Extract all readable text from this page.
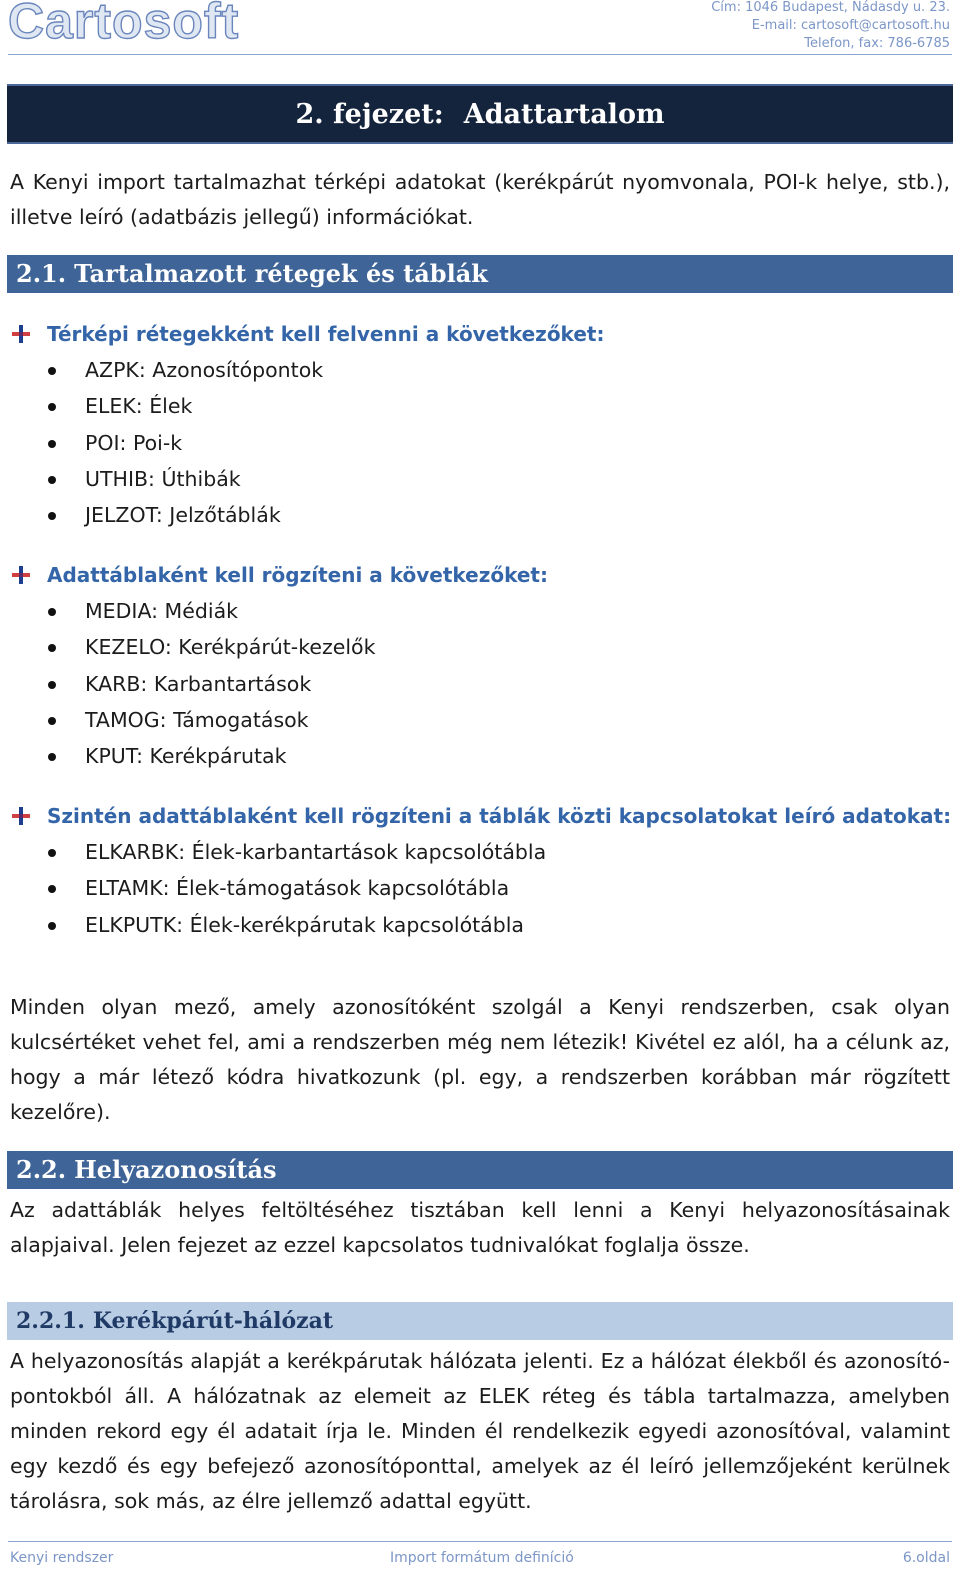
Cartosoft	Cím: 1046 Budapest, Nádasdy u. 23.
E-mail: cartosoft@cartosoft.hu
Telefon, fax: 786-6785
2. fejezet: Adattartalom
A Kenyi import tartalmazhat térképi adatokat (kerékpárút nyomvonala, POI-k helye, stb.), illetve leíró (adatbázis jellegű) információkat.
2.1. Tartalmazott rétegek és táblák
Térképi rétegekként kell felvenni a következőket:
AZPK: Azonosítópontok
ELEK: Élek
POI: Poi-k
UTHIB: Úthibák
JELZOT: Jelzőtáblák
Adattáblaként kell rögzíteni a következőket:
MEDIA: Médiák
KEZELO: Kerékpárút-kezelők
KARB: Karbantartások
TAMOG: Támogatások
KPUT: Kerékpárutak
Szintén adattáblaként kell rögzíteni a táblák közti kapcsolatokat leíró adatokat:
ELKARBK: Élek-karbantartások kapcsolótábla
ELTAMK: Élek-támogatások kapcsolótábla
ELKPUTK: Élek-kerékpárutak kapcsolótábla
Minden olyan mező, amely azonosítóként szolgál a Kenyi rendszerben, csak olyan kulcsértéket vehet fel, ami a rendszerben még nem létezik! Kivétel ez alól, ha a célunk az, hogy a már létező kódra hivatkozunk (pl. egy, a rendszerben korábban már rögzített kezelőre).
2.2. Helyazonosítás
Az adattáblák helyes feltöltéséhez tisztában kell lenni a Kenyi helyazonosításainak alapjaival. Jelen fejezet az ezzel kapcsolatos tudnivalókat foglalja össze.
2.2.1. Kerékpárút-hálózat
A helyazonosítás alapját a kerékpárutak hálózata jelenti. Ez a hálózat élekből és azonosító-pontokból áll. A hálózatnak az elemeit az ELEK réteg és tábla tartalmazza, amelyben minden rekord egy él adatait írja le. Minden él rendelkezik egyedi azonosítóval, valamint egy kezdő és egy befejező azonosítóponttal, amelyek az él leíró jellemzőjeként kerülnek tárolásra, sok más, az élre jellemző adattal együtt.
Kenyi rendszer	Import formátum definíció	6.oldal
